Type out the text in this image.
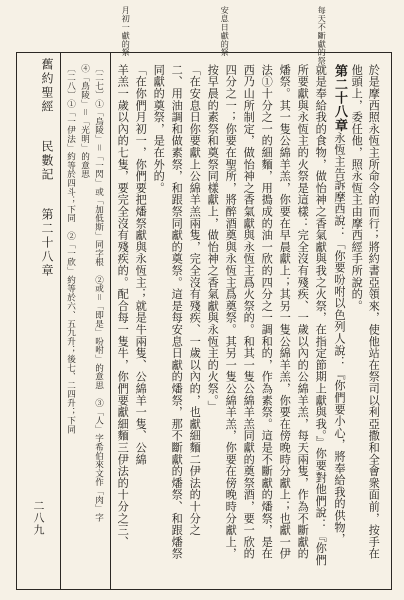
每天不斷獻的祭
安息日獻的祭
月初一獻的祭
舊約聖經民數記第二十八章
二八九	〔二七〕①「烏陵」＝「一閃」或「加低斯」同字根　②或＝「即是」吩咐」的意思　③「人」字希伯來文作「肉」字
④「鳥陵」＝「光明」的意思
〔二八〕①「一伊法」約等於四斗；下同　②「一欣」約等於六、五九升；後七、二四升；下同	於是摩西照永恆主所命令的而行；將約書亞領來，使他站在祭司以利亞撒和全會衆面前，按手在
他頭上，委任他，照永恆主由摩西經手所說的。
第二十八章永恆主告訴摩西說：「你要吩咐以色列人說：『你們要小心，將奉給我的供物，
就是奉給我的食物，做怡神之香氣獻與我之火祭，在指定節期上獻與我。』你要對他們說：『你們
所要獻與永恆主的火祭是這樣：完全沒有殘疾、一歲以內的公綿羊羔，每天兩隻，作為不斷獻的
燔祭。其一隻公綿羊羔，你要在早晨獻上；其另一隻公綿羊羔，你要在傍晚時分獻上；也獻一伊
法①十分之一的細麵，用搗成的油一欣的四分之一調和的，作為素祭。這是不斷獻的燔祭，是在
西乃山所制定，做怡神之香氣獻與永恆主爲火祭的。和其一隻公綿羊羔同獻的奠祭酒，要一欣的
四分之一；你要在聖所，將醉酒奠與永恆主爲奠祭。其另一隻公綿羊羔，你要在傍晚時分獻上，
按早晨的素祭和奠祭同樣獻上，做怡神之香氣獻與永恆主的火祭。」
「在安息日你要獻上公綿羊羔兩隻，完全沒有殘疾、一歲以內的，也獻細麵二伊法的十分之
二、用油調和做素祭，和跟祭同獻的奠祭。這是每安息日獻的燔祭，那不斷獻的燔祭、和跟燔祭
同獻的奠祭，是在外的。
「在你們月初一，你們要把燔祭獻與永恆主；就是牛兩隻、公綿羊一隻、公綿
羊羔一歲以內的七隻，要完全沒有殘疾的。配合每一隻牛，你們要獻細麵三伊法的十分之三、
